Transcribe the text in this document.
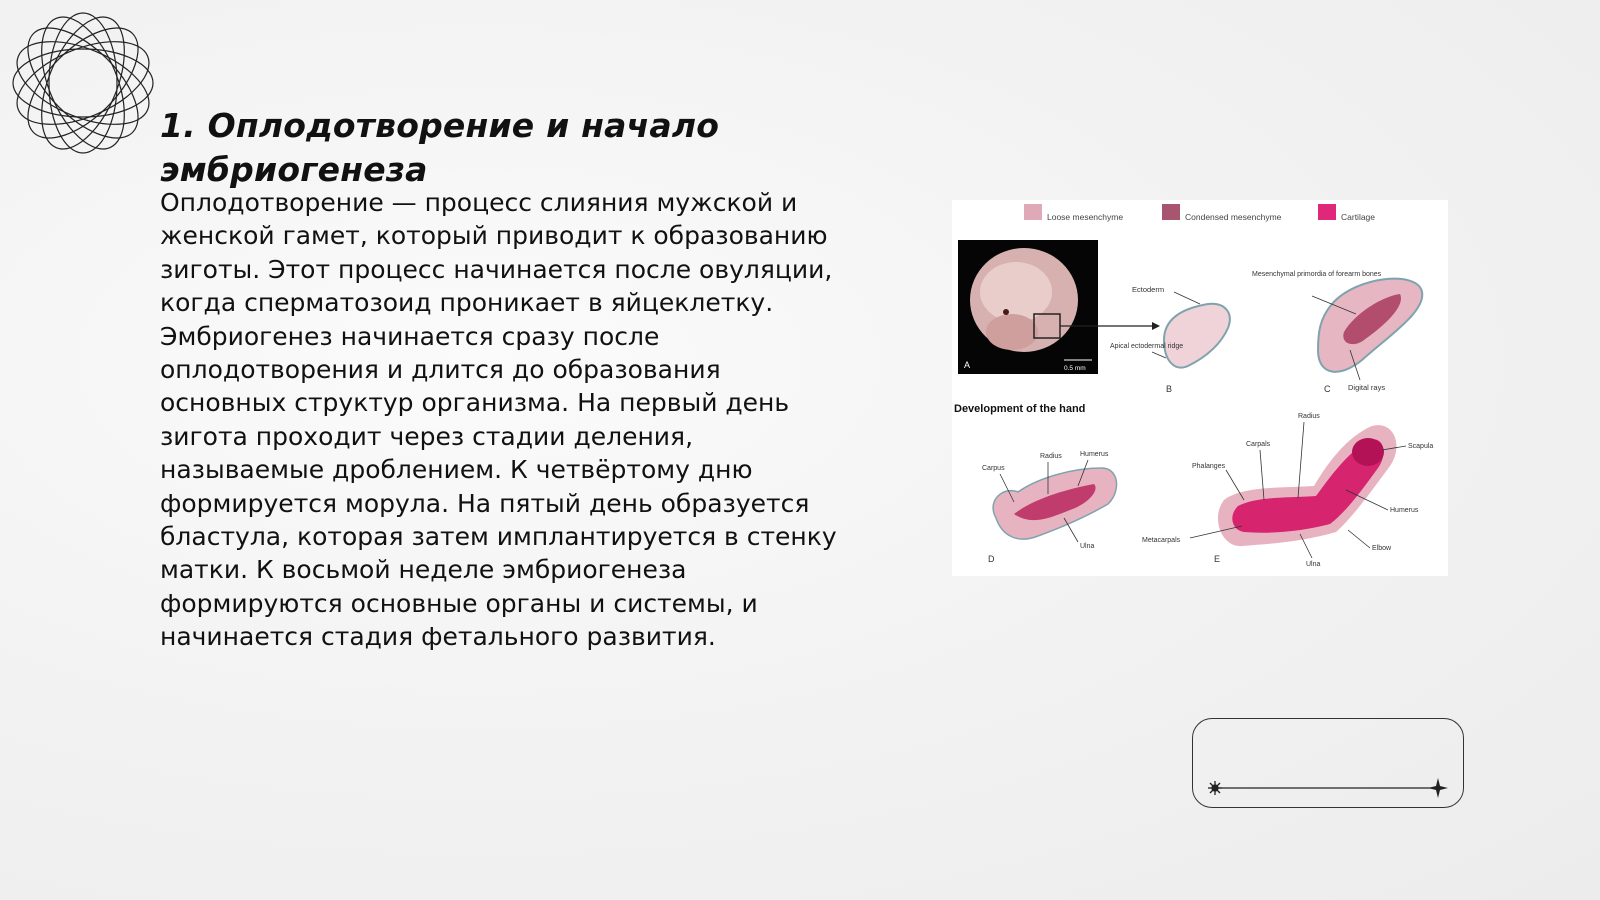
1. Оплодотворение и начало эмбриогенеза

Оплодотворение — процесс слияния мужской и женской гамет, который приводит к образованию зиготы. Этот процесс начинается после овуляции, когда сперматозоид проникает в яйцеклетку. Эмбриогенез начинается сразу после оплодотворения и длится до образования основных структур организма. На первый день зигота проходит через стадии деления, называемые дроблением. К четвёртому дню формируется морула. На пятый день образуется бластула, которая затем имплантируется в стенку матки. К восьмой неделе эмбриогенеза формируются основные органы и системы, и начинается стадия фетального развития.

Loose mesenchyme	Condensed mesenchyme	Cartilage
A	0.5 mm
Ectoderm
Apical ectodermal ridge
B
Mesenchymal primordia of forearm bones
Digital rays
C
Development of the hand
Carpus
Radius	Humerus
Ulna
D
Radius
Carpals	Scapula
Phalanges
Humerus
Metacarpals
Elbow
Ulna
E
